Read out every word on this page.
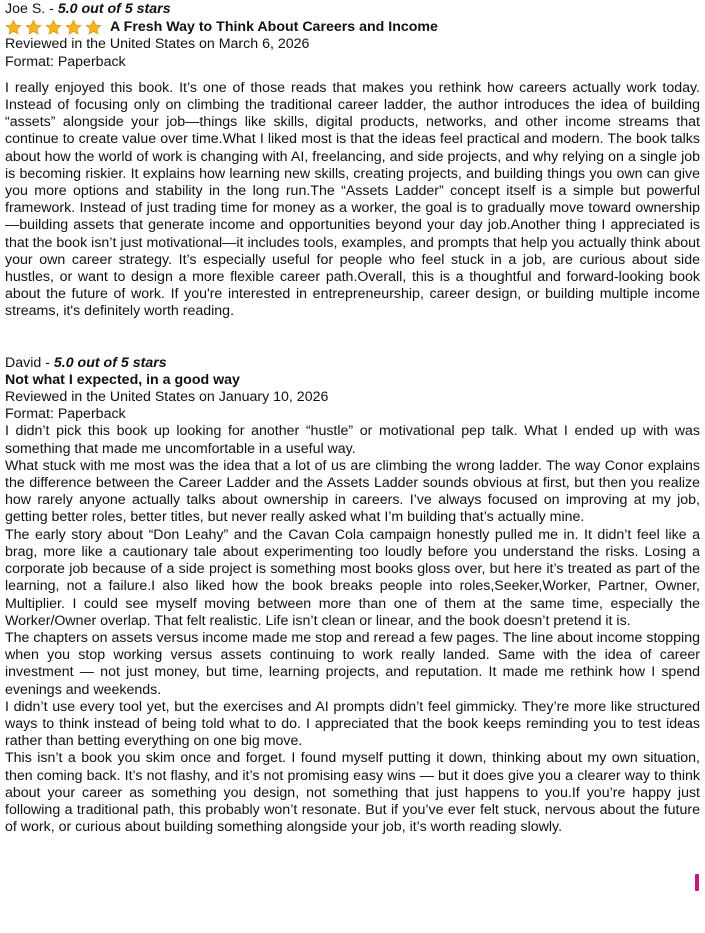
Joe S. - 5.0 out of 5 stars
A Fresh Way to Think About Careers and Income
Reviewed in the United States on March 6, 2026
Format: Paperback
I really enjoyed this book. It’s one of those reads that makes you rethink how careers actually work today. Instead of focusing only on climbing the traditional career ladder, the author introduces the idea of building “assets” alongside your job—things like skills, digital products, networks, and other income streams that continue to create value over time.What I liked most is that the ideas feel practical and modern. The book talks about how the world of work is changing with AI, freelancing, and side projects, and why relying on a single job is becoming riskier. It explains how learning new skills, creating projects, and building things you own can give you more options and stability in the long run.The “Assets Ladder” concept itself is a simple but powerful framework. Instead of just trading time for money as a worker, the goal is to gradually move toward ownership—building assets that generate income and opportunities beyond your day job.Another thing I appreciated is that the book isn’t just motivational—it includes tools, examples, and prompts that help you actually think about your own career strategy. It’s especially useful for people who feel stuck in a job, are curious about side hustles, or want to design a more flexible career path.Overall, this is a thoughtful and forward-looking book about the future of work. If you're interested in entrepreneurship, career design, or building multiple income streams, it's definitely worth reading.
David - 5.0 out of 5 stars
Not what I expected, in a good way
Reviewed in the United States on January 10, 2026
Format: Paperback
I didn’t pick this book up looking for another “hustle” or motivational pep talk. What I ended up with was something that made me uncomfortable in a useful way.
What stuck with me most was the idea that a lot of us are climbing the wrong ladder. The way Conor explains the difference between the Career Ladder and the Assets Ladder sounds obvious at first, but then you realize how rarely anyone actually talks about ownership in careers. I’ve always focused on improving at my job, getting better roles, better titles, but never really asked what I’m building that’s actually mine.
The early story about “Don Leahy” and the Cavan Cola campaign honestly pulled me in. It didn’t feel like a brag, more like a cautionary tale about experimenting too loudly before you understand the risks. Losing a corporate job because of a side project is something most books gloss over, but here it’s treated as part of the learning, not a failure.I also liked how the book breaks people into roles,Seeker,Worker, Partner, Owner, Multiplier. I could see myself moving between more than one of them at the same time, especially the Worker/Owner overlap. That felt realistic. Life isn’t clean or linear, and the book doesn’t pretend it is.
The chapters on assets versus income made me stop and reread a few pages. The line about income stopping when you stop working versus assets continuing to work really landed. Same with the idea of career investment — not just money, but time, learning projects, and reputation. It made me rethink how I spend evenings and weekends.
I didn’t use every tool yet, but the exercises and AI prompts didn’t feel gimmicky. They’re more like structured ways to think instead of being told what to do. I appreciated that the book keeps reminding you to test ideas rather than betting everything on one big move.
This isn’t a book you skim once and forget. I found myself putting it down, thinking about my own situation, then coming back. It’s not flashy, and it’s not promising easy wins — but it does give you a clearer way to think about your career as something you design, not something that just happens to you.If you’re happy just following a traditional path, this probably won’t resonate. But if you’ve ever felt stuck, nervous about the future of work, or curious about building something alongside your job, it’s worth reading slowly.
